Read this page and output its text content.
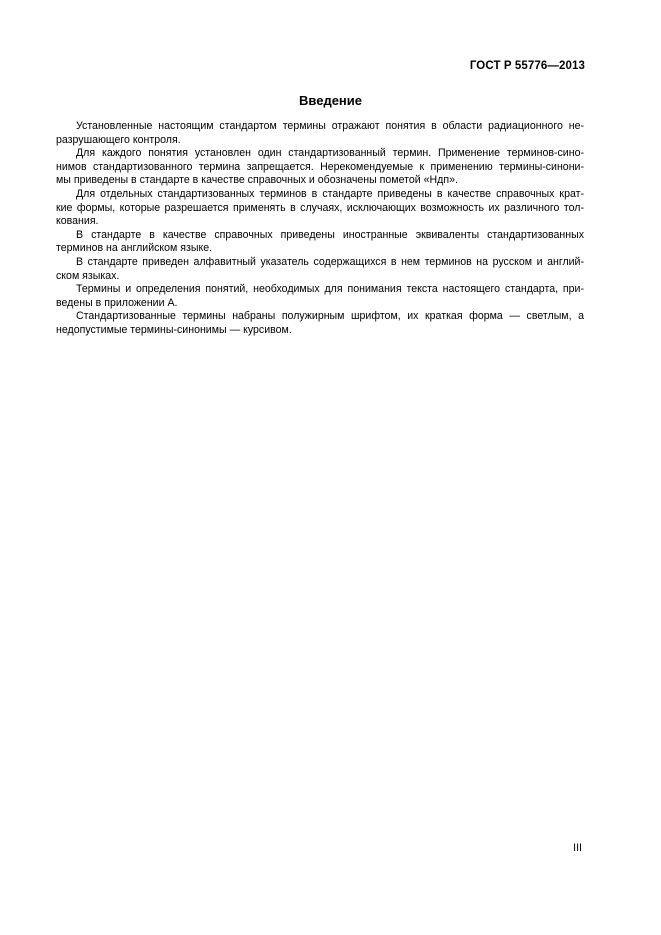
ГОСТ Р 55776—2013
Введение
Установленные настоящим стандартом термины отражают понятия в области радиационного не-
разрушающего контроля.
Для каждого понятия установлен один стандартизованный термин. Применение терминов-сино-
нимов стандартизованного термина запрещается. Нерекомендуемые к применению термины-синони-
мы приведены в стандарте в качестве справочных и обозначены пометой «Ндп».
Для отдельных стандартизованных терминов в стандарте приведены в качестве справочных крат-
кие формы, которые разрешается применять в случаях, исключающих возможность их различного тол-
кования.
В стандарте в качестве справочных приведены иностранные эквиваленты стандартизованных
терминов на английском языке.
В стандарте приведен алфавитный указатель содержащихся в нем терминов на русском и англий-
ском языках.
Термины и определения понятий, необходимых для понимания текста настоящего стандарта, при-
ведены в приложении А.
Стандартизованные термины набраны полужирным шрифтом, их краткая форма — светлым, а
недопустимые термины-синонимы — курсивом.
III
